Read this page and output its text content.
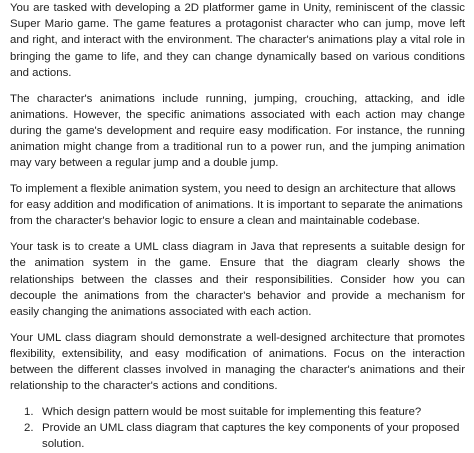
You are tasked with developing a 2D platformer game in Unity, reminiscent of the classic Super Mario game. The game features a protagonist character who can jump, move left and right, and interact with the environment. The character's animations play a vital role in bringing the game to life, and they can change dynamically based on various conditions and actions.

The character's animations include running, jumping, crouching, attacking, and idle animations. However, the specific animations associated with each action may change during the game's development and require easy modification. For instance, the running animation might change from a traditional run to a power run, and the jumping animation may vary between a regular jump and a double jump.

To implement a flexible animation system, you need to design an architecture that allows for easy addition and modification of animations. It is important to separate the animations from the character's behavior logic to ensure a clean and maintainable codebase.

Your task is to create a UML class diagram in Java that represents a suitable design for the animation system in the game. Ensure that the diagram clearly shows the relationships between the classes and their responsibilities. Consider how you can decouple the animations from the character's behavior and provide a mechanism for easily changing the animations associated with each action.

Your UML class diagram should demonstrate a well-designed architecture that promotes flexibility, extensibility, and easy modification of animations. Focus on the interaction between the different classes involved in managing the character's animations and their relationship to the character's actions and conditions.

1. Which design pattern would be most suitable for implementing this feature?
2. Provide an UML class diagram that captures the key components of your proposed solution.
